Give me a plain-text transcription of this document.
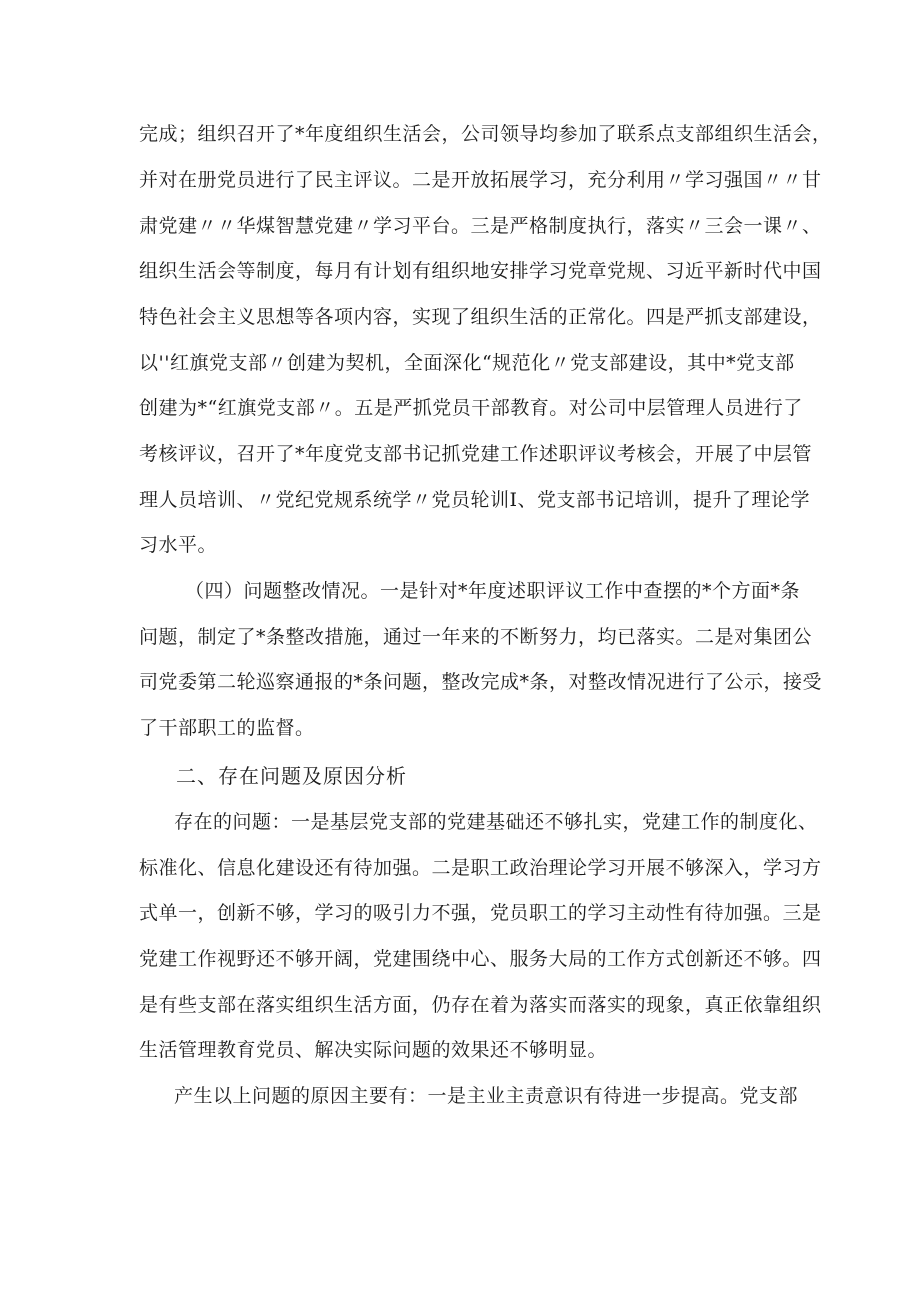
完成；组织召开了*年度组织生活会，公司领导均参加了联系点支部组织生活会，
并对在册党员进行了民主评议。二是开放拓展学习，充分利用〃学习强国〃〃甘
肃党建〃〃华煤智慧党建〃学习平台。三是严格制度执行，落实〃三会一课〃、
组织生活会等制度，每月有计划有组织地安排学习党章党规、习近平新时代中国
特色社会主义思想等各项内容，实现了组织生活的正常化。四是严抓支部建设，
以''红旗党支部〃创建为契机，全面深化“规范化〃党支部建设，其中*党支部
创建为*“红旗党支部〃。五是严抓党员干部教育。对公司中层管理人员进行了
考核评议，召开了*年度党支部书记抓党建工作述职评议考核会，开展了中层管
理人员培训、〃党纪党规系统学〃党员轮训I、党支部书记培训，提升了理论学
习水平。
（四）问题整改情况。一是针对*年度述职评议工作中查摆的*个方面*条
问题，制定了*条整改措施，通过一年来的不断努力，均已落实。二是对集团公
司党委第二轮巡察通报的*条问题，整改完成*条，对整改情况进行了公示，接受
了干部职工的监督。
二、存在问题及原因分析
存在的问题：一是基层党支部的党建基础还不够扎实，党建工作的制度化、
标准化、信息化建设还有待加强。二是职工政治理论学习开展不够深入，学习方
式单一，创新不够，学习的吸引力不强，党员职工的学习主动性有待加强。三是
党建工作视野还不够开阔，党建围绕中心、服务大局的工作方式创新还不够。四
是有些支部在落实组织生活方面，仍存在着为落实而落实的现象，真正依靠组织
生活管理教育党员、解决实际问题的效果还不够明显。
产生以上问题的原因主要有：一是主业主责意识有待进一步提高。党支部
